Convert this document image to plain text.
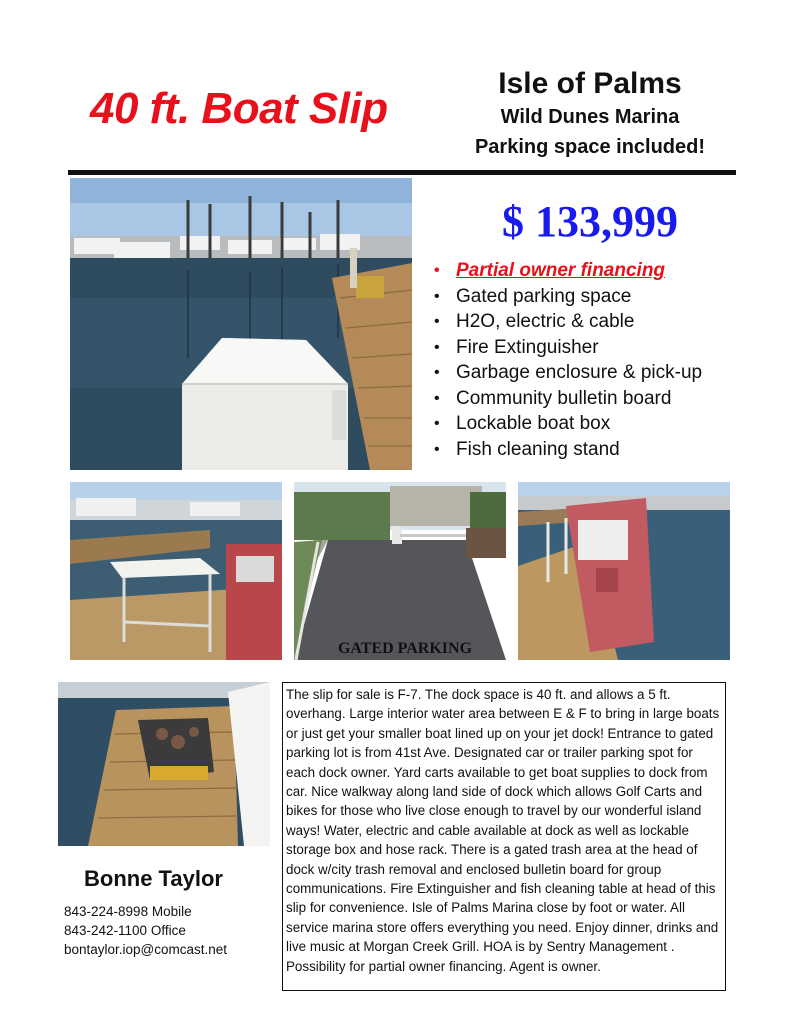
40 ft. Boat Slip
Isle of Palms
Wild Dunes Marina
Parking space included!
$ 133,999
• Partial owner financing
• Gated parking space
• H2O, electric & cable
• Fire Extinguisher
• Garbage enclosure & pick-up
• Community bulletin board
• Lockable boat box
• Fish cleaning stand
GATED PARKING
The slip for sale is F-7. The dock space is 40 ft. and allows a 5 ft. overhang. Large interior water area between E & F to bring in large boats or just get your smaller boat lined up on your jet dock! Entrance to gated parking lot is from 41st Ave. Designated car or trailer parking spot for each dock owner. Yard carts available to get boat supplies to dock from car. Nice walkway along land side of dock which allows Golf Carts and bikes for those who live close enough to travel by our wonderful island ways! Water, electric and cable available at dock as well as lockable storage box and hose rack. There is a gated trash area at the head of dock w/city trash removal and enclosed bulletin board for group communications. Fire Extinguisher and fish cleaning table at head of this slip for convenience. Isle of Palms Marina close by foot or water. All service marina store offers everything you need. Enjoy dinner, drinks and live music at Morgan Creek Grill. HOA is by Sentry Management . Possibility for partial owner financing. Agent is owner.
Bonne Taylor
843-224-8998 Mobile
843-242-1100 Office
bontaylor.iop@comcast.net
